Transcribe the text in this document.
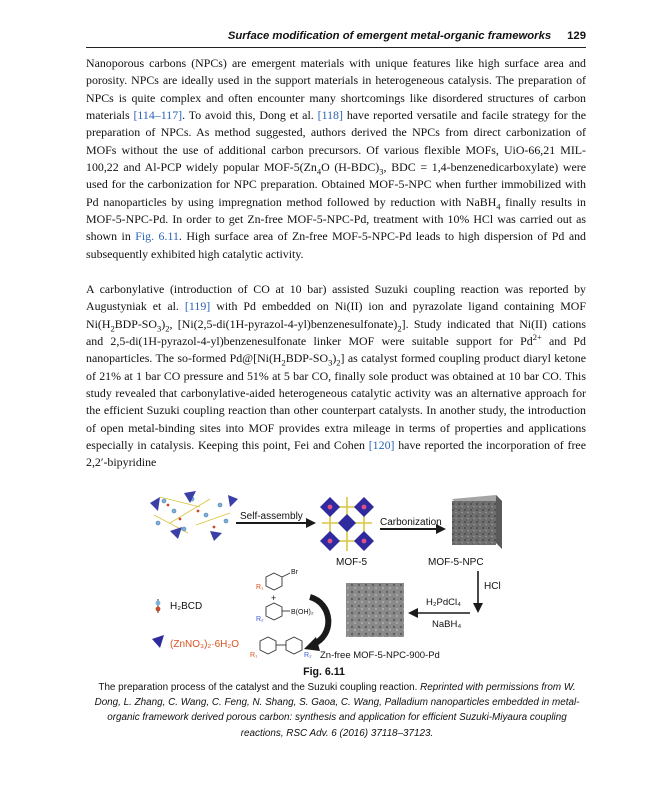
Surface modification of emergent metal-organic frameworks 129
Nanoporous carbons (NPCs) are emergent materials with unique features like high surface area and porosity. NPCs are ideally used in the support materials in heterogeneous catalysis. The preparation of NPCs is quite complex and often encounter many shortcomings like disordered structures of carbon materials [114–117]. To avoid this, Dong et al. [118] have reported versatile and facile strategy for the preparation of NPCs. As method suggested, authors derived the NPCs from direct carbonization of MOFs without the use of additional carbon precursors. Of various flexible MOFs, UiO-66,21 MIL-100,22 and Al-PCP widely popular MOF-$5(Zn_4O$ $(H-BDC)_3$, BDC = 1,4-benzenedicarboxylate) were used for the carbonization for NPC preparation. Obtained MOF-5-NPC when further immobilized with Pd nanoparticles by using impregnation method followed by reduction with NaBH$_4$ finally results in MOF-5-NPC-Pd. In order to get Zn-free MOF-5-NPC-Pd, treatment with 10% HCl was carried out as shown in Fig. 6.11. High surface area of Zn-free MOF-5-NPC-Pd leads to high dispersion of Pd and subsequently exhibited high catalytic activity.
A carbonylative (introduction of CO at 10 bar) assisted Suzuki coupling reaction was reported by Augustyniak et al. [119] with Pd embedded on Ni(II) ion and pyrazolate ligand containing MOF $Ni(H_2BDP-SO_3)_2$, $[Ni(2,5-di(1H-pyrazol-4-yl)benzenesulfonate)_2]$. Study indicated that Ni(II) cations and 2,5-di(1H-pyrazol-4-yl)benzenesulfonate linker MOF were suitable support for $Pd^{2+}$ and Pd nanoparticles. The so-formed $Pd@[Ni(H_2BDP-SO_3)_2]$ as catalyst formed coupling product diaryl ketone of 21% at 1 bar CO pressure and 51% at 5 bar CO, finally sole product was obtained at 10 bar CO. This study revealed that carbonylative-aided heterogeneous catalytic activity was an alternative approach for the efficient Suzuki coupling reaction than other counterpart catalysts. In another study, the introduction of open metal-binding sites into MOF provides extra mileage in terms of properties and applications especially in catalysis. Keeping this point, Fei and Cohen [120] have reported the incorporation of free 2,2′-bipyridine
Self-assembly
MOF-5
Carbonization
MOF-5-NPC
HCl
H₂PdCl₄
NaBH₄
Br
R₁
+
B(OH)₂
R₂
R₁	R₂ Zn-free MOF-5-NPC-900-Pd
H₂BCD
(ZnNO₃)₂·6H₂O
Fig. 6.11
The preparation process of the catalyst and the Suzuki coupling reaction. Reprinted with permissions from W. Dong, L. Zhang, C. Wang, C. Feng, N. Shang, S. Gaoa, C. Wang, Palladium nanoparticles embedded in metal-organic framework derived porous carbon: synthesis and application for efficient Suzuki-Miyaura coupling reactions, RSC Adv. 6 (2016) 37118–37123.
